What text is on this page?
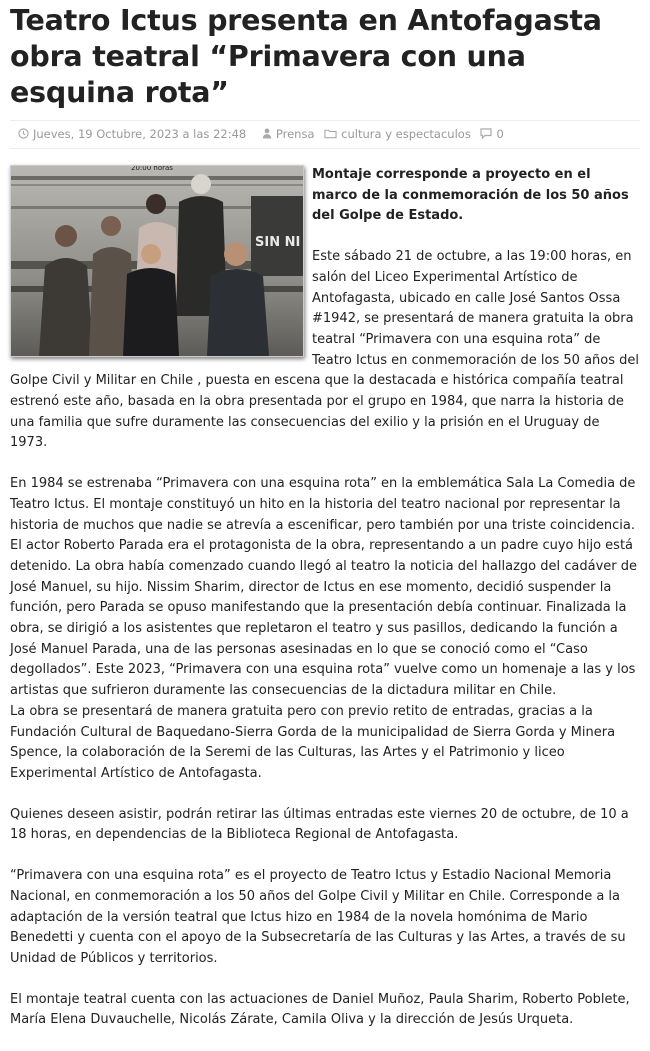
Teatro Ictus presenta en Antofagasta obra teatral “Primavera con una esquina rota”
Jueves, 19 Octubre, 2023 a las 22:48	Prensa cultura y espectaculos 0
SIN NI
20:00 horas	Montaje corresponde a proyecto en el marco de la conmemoración de los 50 años del Golpe de Estado.

Este sábado 21 de octubre, a las 19:00 horas, en salón del Liceo Experimental Artístico de Antofagasta, ubicado en calle José Santos Ossa #1942, se presentará de manera gratuita la obra teatral “Primavera con una esquina rota” de Teatro Ictus en conmemoración de los 50 años del Golpe Civil y Militar en Chile , puesta en escena que la destacada e histórica compañía teatral estrenó este año, basada en la obra presentada por el grupo en 1984, que narra la historia de una familia que sufre duramente las consecuencias del exilio y la prisión en el Uruguay de 1973.

En 1984 se estrenaba “Primavera con una esquina rota” en la emblemática Sala La Comedia de Teatro Ictus. El montaje constituyó un hito en la historia del teatro nacional por representar la historia de muchos que nadie se atrevía a escenificar, pero también por una triste coincidencia. El actor Roberto Parada era el protagonista de la obra, representando a un padre cuyo hijo está detenido. La obra había comenzado cuando llegó al teatro la noticia del hallazgo del cadáver de José Manuel, su hijo. Nissim Sharim, director de Ictus en ese momento, decidió suspender la función, pero Parada se opuso manifestando que la presentación debía continuar. Finalizada la obra, se dirigió a los asistentes que repletaron el teatro y sus pasillos, dedicando la función a José Manuel Parada, una de las personas asesinadas en lo que se conoció como el “Caso degollados”. Este 2023, “Primavera con una esquina rota” vuelve como un homenaje a las y los artistas que sufrieron duramente las consecuencias de la dictadura militar en Chile.

La obra se presentará de manera gratuita pero con previo retito de entradas, gracias a la Fundación Cultural de Baquedano-Sierra Gorda de la municipalidad de Sierra Gorda y Minera Spence, la colaboración de la Seremi de las Culturas, las Artes y el Patrimonio y liceo Experimental Artístico de Antofagasta.

Quienes deseen asistir, podrán retirar las últimas entradas este viernes 20 de octubre, de 10 a 18 horas, en dependencias de la Biblioteca Regional de Antofagasta.

“Primavera con una esquina rota” es el proyecto de Teatro Ictus y Estadio Nacional Memoria Nacional, en conmemoración a los 50 años del Golpe Civil y Militar en Chile. Corresponde a la adaptación de la versión teatral que Ictus hizo en 1984 de la novela homónima de Mario Benedetti y cuenta con el apoyo de la Subsecretaría de las Culturas y las Artes, a través de su Unidad de Públicos y territorios.

El montaje teatral cuenta con las actuaciones de Daniel Muñoz, Paula Sharim, Roberto Poblete, María Elena Duvauchelle, Nicolás Zárate, Camila Oliva y la dirección de Jesús Urqueta.
